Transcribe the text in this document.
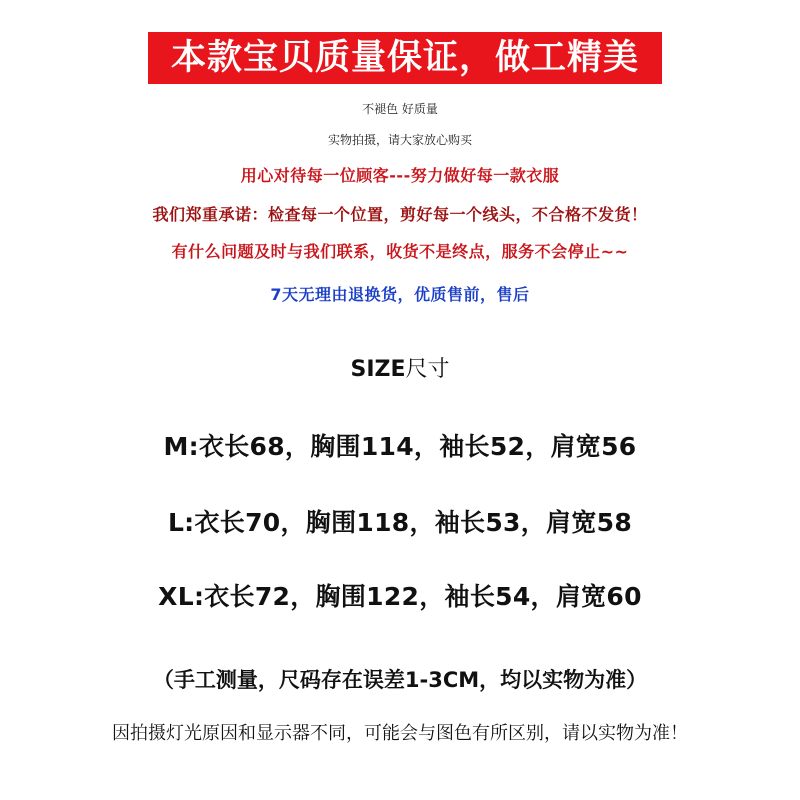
本款宝贝质量保证，做工精美
不褪色 好质量
实物拍摄，请大家放心购买
用心对待每一位顾客---努力做好每一款衣服
我们郑重承诺：检查每一个位置，剪好每一个线头，不合格不发货！
有什么问题及时与我们联系，收货不是终点，服务不会停止~~
7天无理由退换货，优质售前，售后
SIZE尺寸
M:衣长68，胸围114，袖长52，肩宽56
L:衣长70，胸围118，袖长53，肩宽58
XL:衣长72，胸围122，袖长54，肩宽60
（手工测量，尺码存在误差1-3CM，均以实物为准）
因拍摄灯光原因和显示器不同，可能会与图色有所区别，请以实物为准！
